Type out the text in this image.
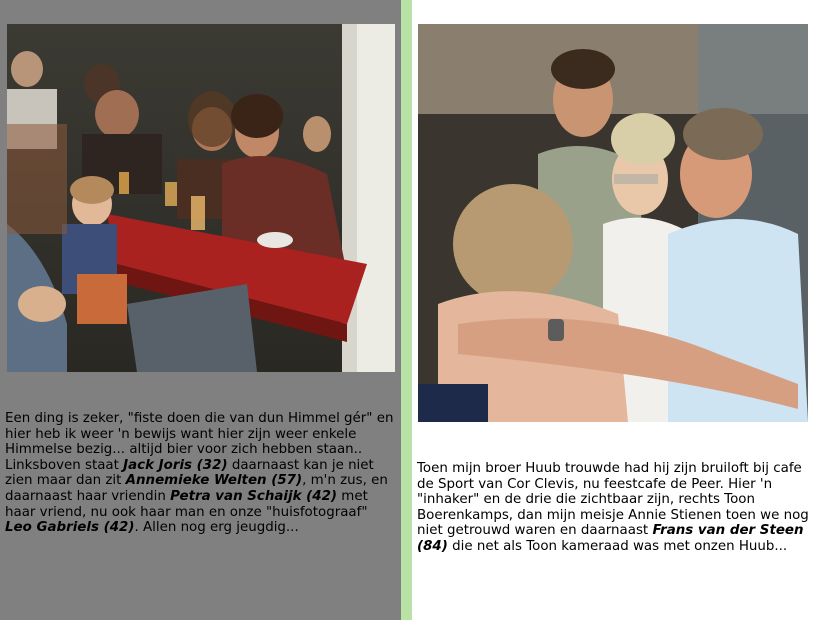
Een ding is zeker, "fiste doen die van dun Himmel gér" en hier heb ik weer 'n bewijs want hier zijn weer enkele Himmelse bezig... altijd bier voor zich hebben staan.. Linksboven staat Jack Joris (32) daarnaast kan je niet zien maar dan zit Annemieke Welten (57), m'n zus, en daarnaast haar vriendin Petra van Schaijk (42) met haar vriend, nu ook haar man en onze "huisfotograaf" Leo Gabriels (42). Allen nog erg jeugdig...
Toen mijn broer Huub trouwde had hij zijn bruiloft bij cafe de Sport van Cor Clevis, nu feestcafe de Peer. Hier 'n "inhaker" en de drie die zichtbaar zijn, rechts Toon Boerenkamps, dan mijn meisje Annie Stienen toen we nog niet getrouwd waren en daarnaast Frans van der Steen (84) die net als Toon kameraad was met onzen Huub...
